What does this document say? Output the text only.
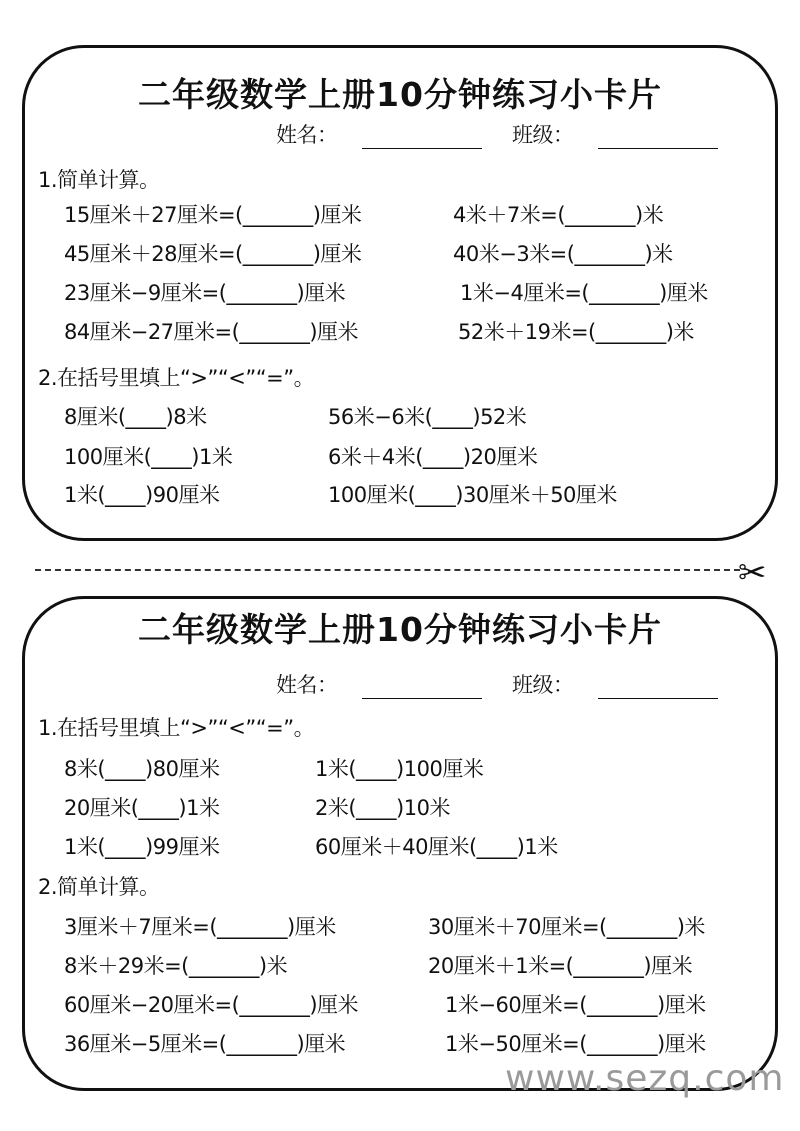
二年级数学上册10分钟练习小卡片
姓名：	班级：
1.简单计算。
15厘米＋27厘米=(_______)厘米	4米＋7米=(_______)米
45厘米＋28厘米=(_______)厘米	40米−3米=(_______)米
23厘米−9厘米=(_______)厘米	1米−4厘米=(_______)厘米
84厘米−27厘米=(_______)厘米	52米＋19米=(_______)米
2.在括号里填上“>”“<”“=”。
8厘米(____)8米	56米−6米(____)52米
100厘米(____)1米	6米＋4米(____)20厘米
1米(____)90厘米	100厘米(____)30厘米＋50厘米
✂
二年级数学上册10分钟练习小卡片
姓名：	班级：
1.在括号里填上“>”“<”“=”。
8米(____)80厘米	1米(____)100厘米
20厘米(____)1米	2米(____)10米
1米(____)99厘米	60厘米＋40厘米(____)1米
2.简单计算。
3厘米＋7厘米=(_______)厘米	30厘米＋70厘米=(_______)米
8米＋29米=(_______)米	20厘米＋1米=(_______)厘米
60厘米−20厘米=(_______)厘米	1米−60厘米=(_______)厘米
36厘米−5厘米=(_______)厘米	1米−50厘米=(_______)厘米
www.sezq.com
